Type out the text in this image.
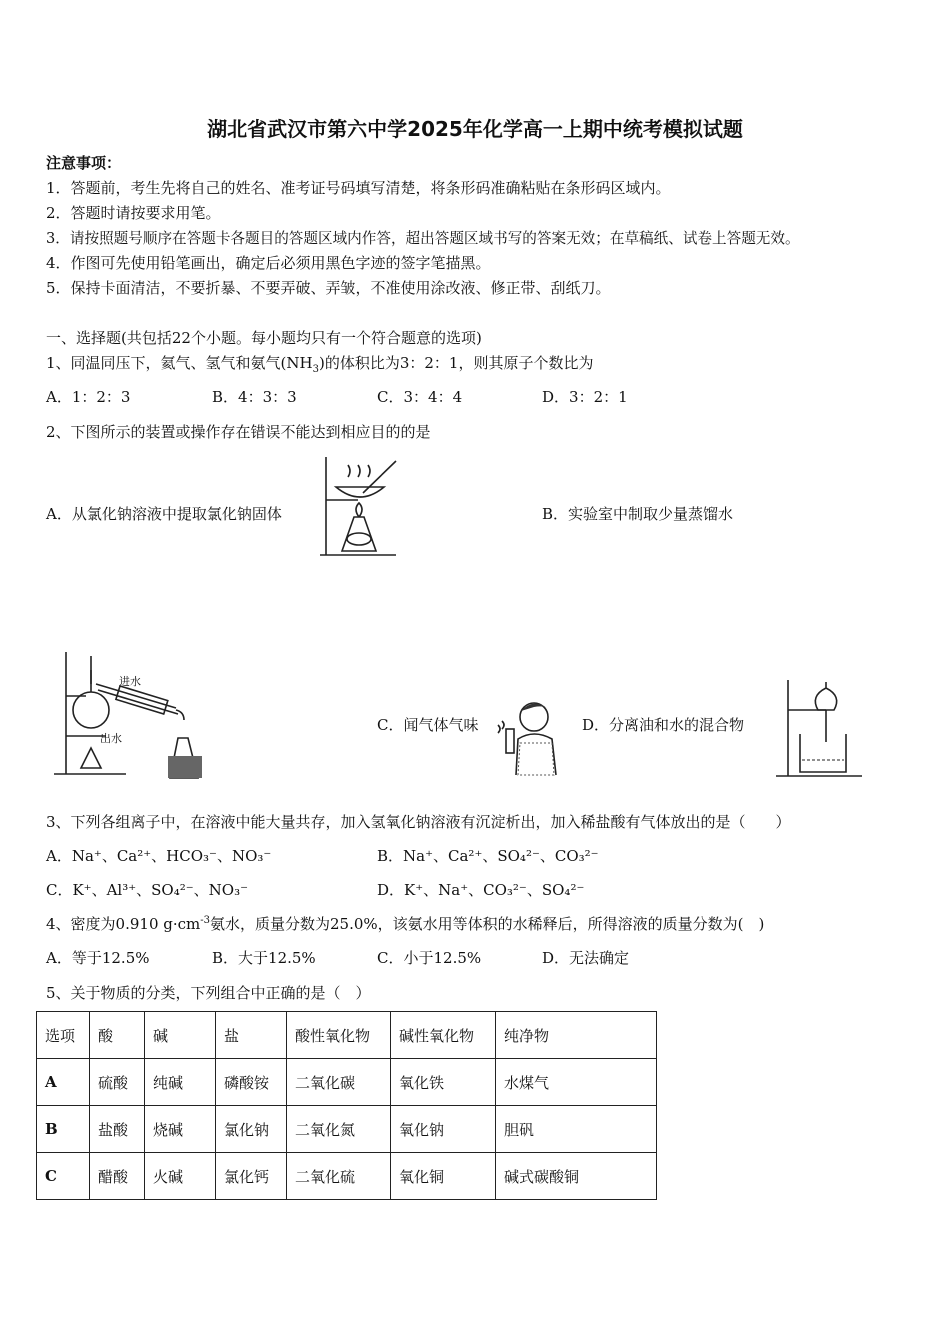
湖北省武汉市第六中学2025年化学高一上期中统考模拟试题
注意事项：
1．答题前，考生先将自己的姓名、准考证号码填写清楚，将条形码准确粘贴在条形码区域内。
2．答题时请按要求用笔。
3．请按照题号顺序在答题卡各题目的答题区域内作答，超出答题区域书写的答案无效；在草稿纸、试卷上答题无效。
4．作图可先使用铅笔画出，确定后必须用黑色字迹的签字笔描黑。
5．保持卡面清洁，不要折暴、不要弄破、弄皱，不准使用涂改液、修正带、刮纸刀。
一、选择题(共包括22个小题。每小题均只有一个符合题意的选项)
1、同温同压下，氦气、氢气和氨气$(NH_3)$的体积比为3：2：1，则其原子个数比为
A．1：2：3	B．4：3：3	C．3：4：4	D．3：2：1
2、下图所示的装置或操作存在错误不能达到相应目的的是
A．从氯化钠溶液中提取氯化钠固体	B．实验室中制取少量蒸馏水
进水
出水
C．闻气体气味	D．分离油和水的混合物
3、下列各组离子中，在溶液中能大量共存，加入氢氧化钠溶液有沉淀析出，加入稀盐酸有气体放出的是（　　）
A．Na⁺、Ca²⁺、HCO₃⁻、NO₃⁻	B．Na⁺、Ca²⁺、SO₄²⁻、CO₃²⁻
C．K⁺、Al³⁺、SO₄²⁻、NO₃⁻	D．K⁺、Na⁺、CO₃²⁻、SO₄²⁻
4、密度为0.910 $g\cdot cm^{-3}$氨水，质量分数为25.0%，该氨水用等体积的水稀释后，所得溶液的质量分数为(　)
A．等于12.5%	B．大于12.5%	C．小于12.5%	D．无法确定
5、关于物质的分类，下列组合中正确的是（　）
选项	酸	碱	盐	酸性氧化物	碱性氧化物	纯净物
A	硫酸	纯碱	磷酸铵	二氧化碳	氧化铁	水煤气
B	盐酸	烧碱	氯化钠	二氧化氮	氧化钠	胆矾
C	醋酸	火碱	氯化钙	二氧化硫	氧化铜	碱式碳酸铜
